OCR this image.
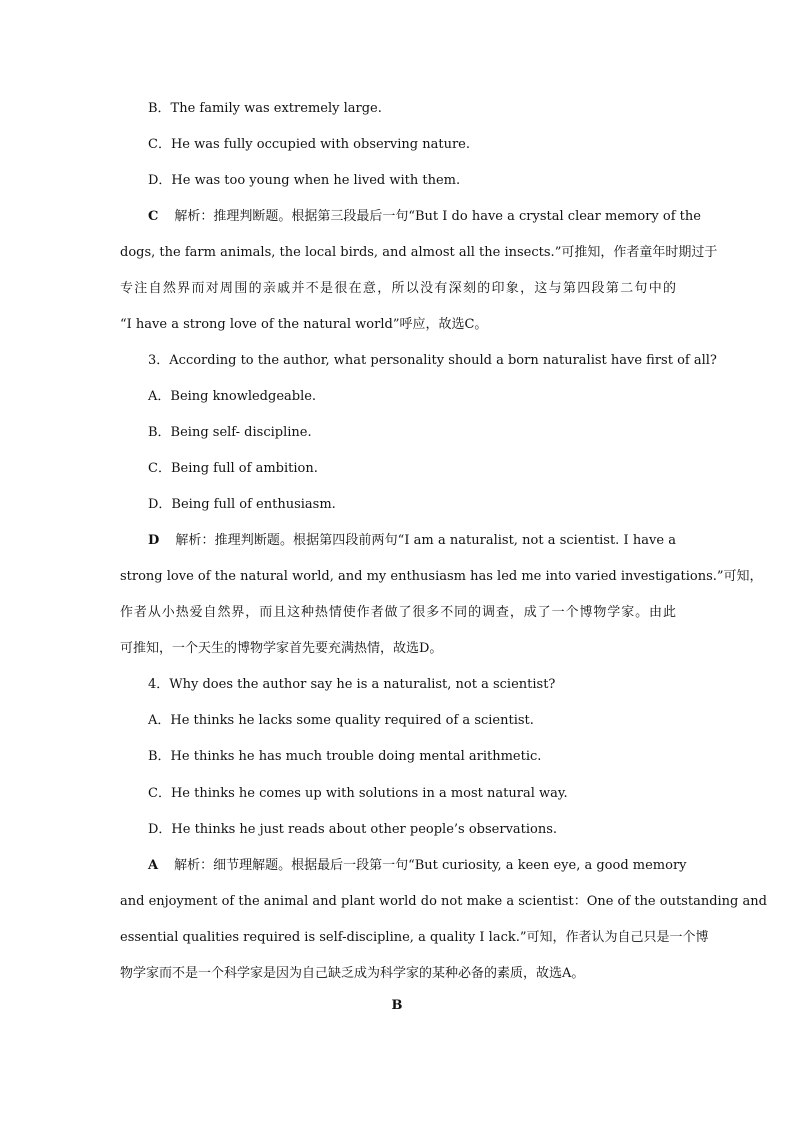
B．The family was extremely large.
C．He was fully occupied with observing nature.
D．He was too young when he lived with them.
C 解析：推理判断题。根据第三段最后一句“But I do have a crystal clear memory of the
dogs, the farm animals, the local birds, and almost all the insects.”可推知，作者童年时期过于
专注自然界而对周围的亲戚并不是很在意，所以没有深刻的印象，这与第四段第二句中的
“I have a strong love of the natural world”呼应，故选C。
3．According to the author, what personality should a born naturalist have first of all?
A．Being knowledgeable.
B．Being self- discipline.
C．Being full of ambition.
D．Being full of enthusiasm.
D 解析：推理判断题。根据第四段前两句“I am a naturalist, not a scientist. I have a
strong love of the natural world, and my enthusiasm has led me into varied investigations.”可知，
作者从小热爱自然界，而且这种热情使作者做了很多不同的调查，成了一个博物学家。由此
可推知，一个天生的博物学家首先要充满热情，故选D。
4．Why does the author say he is a naturalist, not a scientist?
A．He thinks he lacks some quality required of a scientist.
B．He thinks he has much trouble doing mental arithmetic.
C．He thinks he comes up with solutions in a most natural way.
D．He thinks he just reads about other people’s observations.
A 解析：细节理解题。根据最后一段第一句“But curiosity, a keen eye, a good memory
and enjoyment of the animal and plant world do not make a scientist：One of the outstanding and
essential qualities required is self-discipline, a quality I lack.”可知，作者认为自己只是一个博
物学家而不是一个科学家是因为自己缺乏成为科学家的某种必备的素质，故选A。
B
